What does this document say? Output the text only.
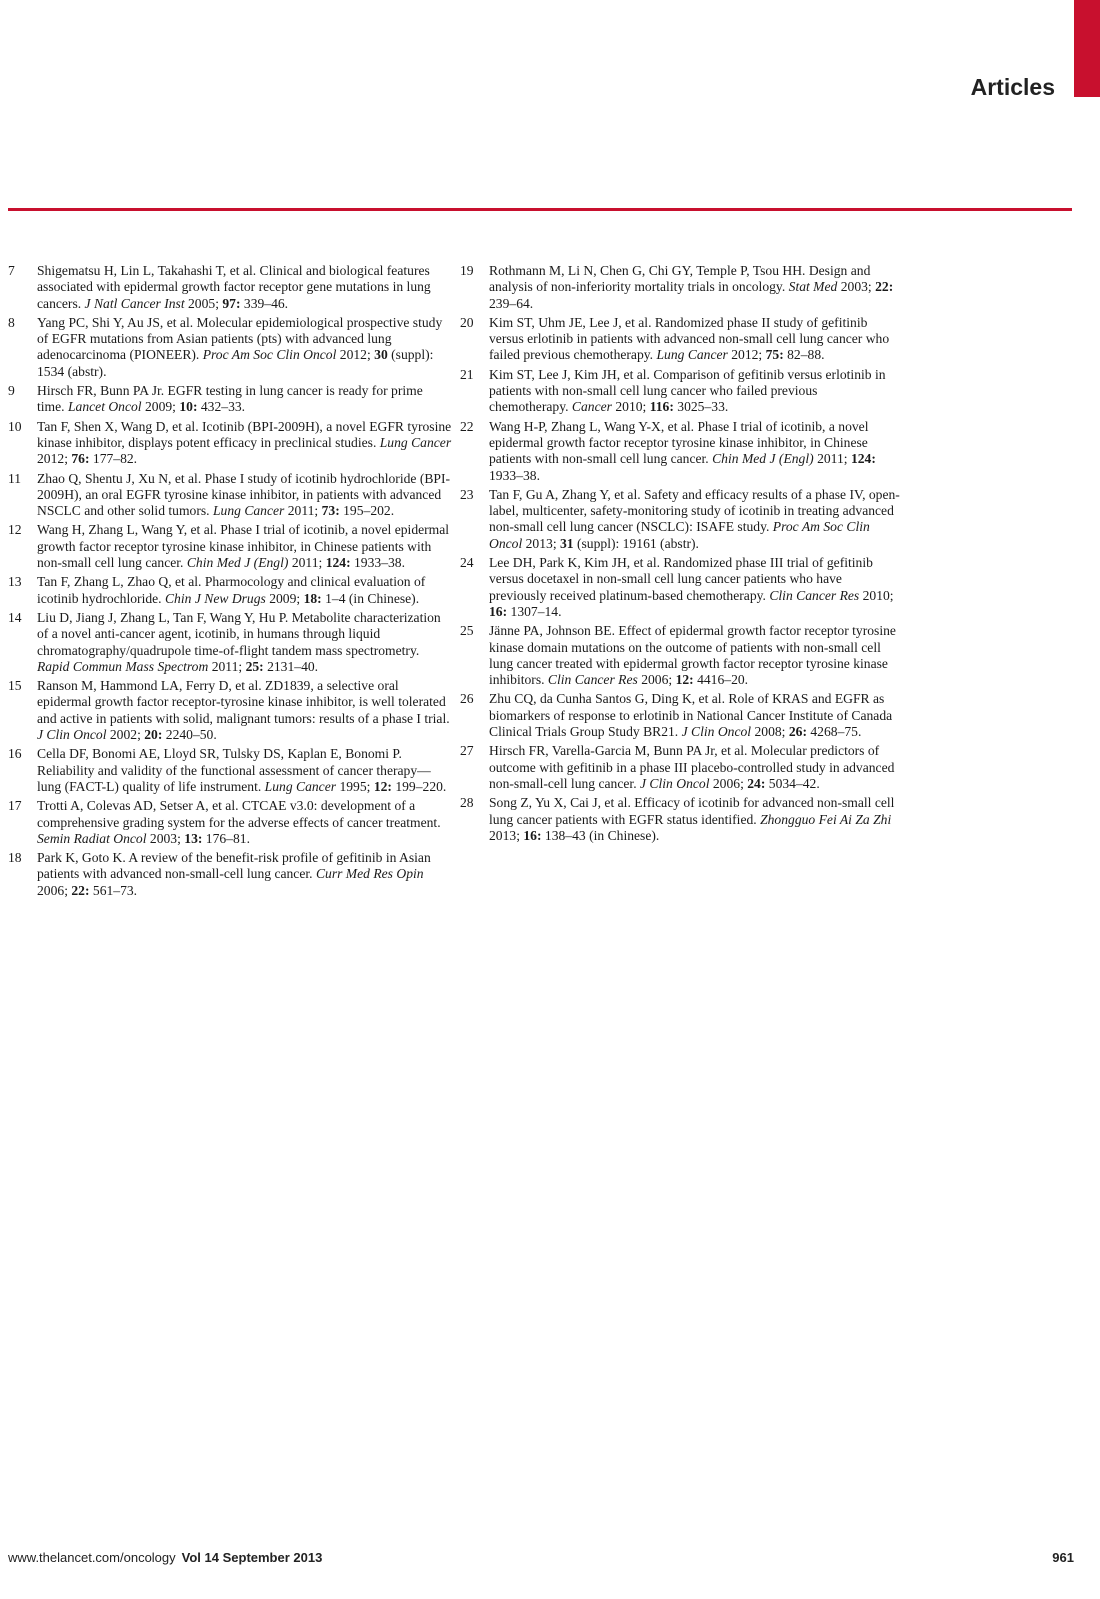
Articles
7	Shigematsu H, Lin L, Takahashi T, et al. Clinical and biological features associated with epidermal growth factor receptor gene mutations in lung cancers. J Natl Cancer Inst 2005; 97: 339–46.
8	Yang PC, Shi Y, Au JS, et al. Molecular epidemiological prospective study of EGFR mutations from Asian patients (pts) with advanced lung adenocarcinoma (PIONEER). Proc Am Soc Clin Oncol 2012; 30 (suppl): 1534 (abstr).
9	Hirsch FR, Bunn PA Jr. EGFR testing in lung cancer is ready for prime time. Lancet Oncol 2009; 10: 432–33.
10	Tan F, Shen X, Wang D, et al. Icotinib (BPI-2009H), a novel EGFR tyrosine kinase inhibitor, displays potent efficacy in preclinical studies. Lung Cancer 2012; 76: 177–82.
11	Zhao Q, Shentu J, Xu N, et al. Phase I study of icotinib hydrochloride (BPI-2009H), an oral EGFR tyrosine kinase inhibitor, in patients with advanced NSCLC and other solid tumors. Lung Cancer 2011; 73: 195–202.
12	Wang H, Zhang L, Wang Y, et al. Phase I trial of icotinib, a novel epidermal growth factor receptor tyrosine kinase inhibitor, in Chinese patients with non-small cell lung cancer. Chin Med J (Engl) 2011; 124: 1933–38.
13	Tan F, Zhang L, Zhao Q, et al. Pharmocology and clinical evaluation of icotinib hydrochloride. Chin J New Drugs 2009; 18: 1–4 (in Chinese).
14	Liu D, Jiang J, Zhang L, Tan F, Wang Y, Hu P. Metabolite characterization of a novel anti-cancer agent, icotinib, in humans through liquid chromatography/quadrupole time-of-flight tandem mass spectrometry. Rapid Commun Mass Spectrom 2011; 25: 2131–40.
15	Ranson M, Hammond LA, Ferry D, et al. ZD1839, a selective oral epidermal growth factor receptor-tyrosine kinase inhibitor, is well tolerated and active in patients with solid, malignant tumors: results of a phase I trial. J Clin Oncol 2002; 20: 2240–50.
16	Cella DF, Bonomi AE, Lloyd SR, Tulsky DS, Kaplan E, Bonomi P. Reliability and validity of the functional assessment of cancer therapy—lung (FACT-L) quality of life instrument. Lung Cancer 1995; 12: 199–220.
17	Trotti A, Colevas AD, Setser A, et al. CTCAE v3.0: development of a comprehensive grading system for the adverse effects of cancer treatment. Semin Radiat Oncol 2003; 13: 176–81.
18	Park K, Goto K. A review of the benefit-risk profile of gefitinib in Asian patients with advanced non-small-cell lung cancer. Curr Med Res Opin 2006; 22: 561–73.
19	Rothmann M, Li N, Chen G, Chi GY, Temple P, Tsou HH. Design and analysis of non-inferiority mortality trials in oncology. Stat Med 2003; 22: 239–64.
20	Kim ST, Uhm JE, Lee J, et al. Randomized phase II study of gefitinib versus erlotinib in patients with advanced non-small cell lung cancer who failed previous chemotherapy. Lung Cancer 2012; 75: 82–88.
21	Kim ST, Lee J, Kim JH, et al. Comparison of gefitinib versus erlotinib in patients with non-small cell lung cancer who failed previous chemotherapy. Cancer 2010; 116: 3025–33.
22	Wang H-P, Zhang L, Wang Y-X, et al. Phase I trial of icotinib, a novel epidermal growth factor receptor tyrosine kinase inhibitor, in Chinese patients with non-small cell lung cancer. Chin Med J (Engl) 2011; 124: 1933–38.
23	Tan F, Gu A, Zhang Y, et al. Safety and efficacy results of a phase IV, open-label, multicenter, safety-monitoring study of icotinib in treating advanced non-small cell lung cancer (NSCLC): ISAFE study. Proc Am Soc Clin Oncol 2013; 31 (suppl): 19161 (abstr).
24	Lee DH, Park K, Kim JH, et al. Randomized phase III trial of gefitinib versus docetaxel in non-small cell lung cancer patients who have previously received platinum-based chemotherapy. Clin Cancer Res 2010; 16: 1307–14.
25	Jänne PA, Johnson BE. Effect of epidermal growth factor receptor tyrosine kinase domain mutations on the outcome of patients with non-small cell lung cancer treated with epidermal growth factor receptor tyrosine kinase inhibitors. Clin Cancer Res 2006; 12: 4416–20.
26	Zhu CQ, da Cunha Santos G, Ding K, et al. Role of KRAS and EGFR as biomarkers of response to erlotinib in National Cancer Institute of Canada Clinical Trials Group Study BR21. J Clin Oncol 2008; 26: 4268–75.
27	Hirsch FR, Varella-Garcia M, Bunn PA Jr, et al. Molecular predictors of outcome with gefitinib in a phase III placebo-controlled study in advanced non-small-cell lung cancer. J Clin Oncol 2006; 24: 5034–42.
28	Song Z, Yu X, Cai J, et al. Efficacy of icotinib for advanced non-small cell lung cancer patients with EGFR status identified. Zhongguo Fei Ai Za Zhi 2013; 16: 138–43 (in Chinese).
www.thelancet.com/oncology Vol 14 September 2013	961
